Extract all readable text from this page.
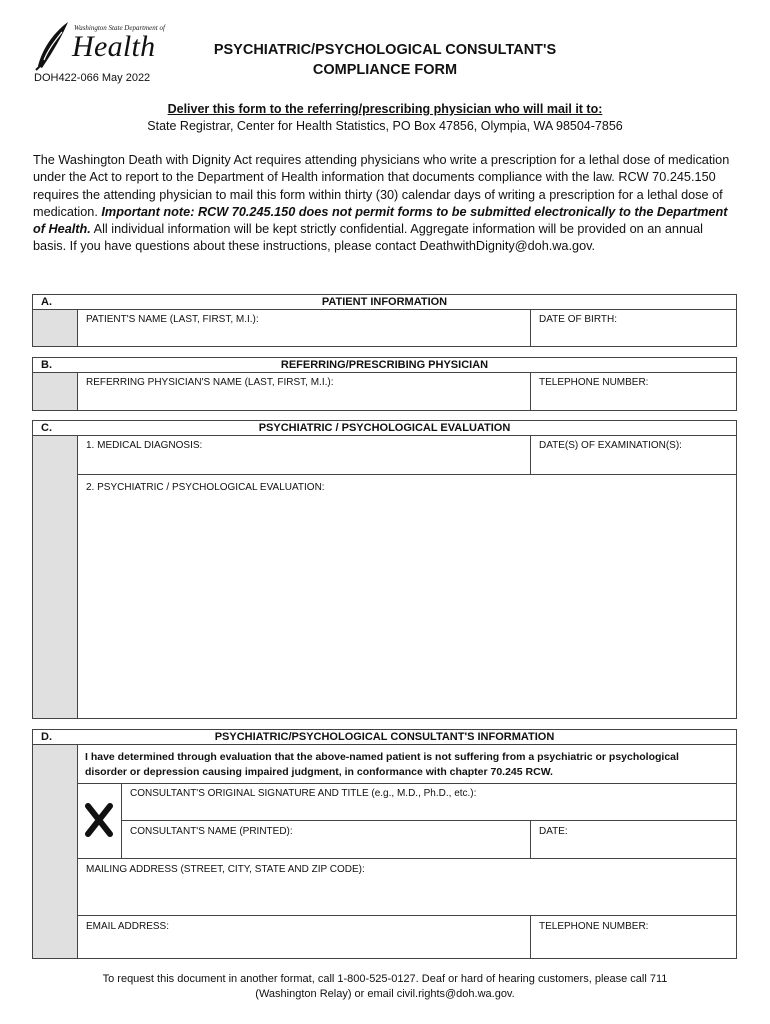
Washington State Department of
Health
DOH422-066 May 2022
PSYCHIATRIC/PSYCHOLOGICAL CONSULTANT'S
COMPLIANCE FORM
Deliver this form to the referring/prescribing physician who will mail it to:
State Registrar, Center for Health Statistics, PO Box 47856, Olympia, WA 98504-7856
The Washington Death with Dignity Act requires attending physicians who write a prescription for a lethal dose of medication under the Act to report to the Department of Health information that documents compliance with the law. RCW 70.245.150 requires the attending physician to mail this form within thirty (30) calendar days of writing a prescription for a lethal dose of medication. Important note: RCW 70.245.150 does not permit forms to be submitted electronically to the Department of Health. All individual information will be kept strictly confidential. Aggregate information will be provided on an annual basis. If you have questions about these instructions, please contact DeathwithDignity@doh.wa.gov.
PATIENT INFORMATION
A.
PATIENT'S NAME (LAST, FIRST, M.I.):	DATE OF BIRTH:
REFERRING/PRESCRIBING PHYSICIAN
B.
REFERRING PHYSICIAN'S NAME (LAST, FIRST, M.I.):	TELEPHONE NUMBER:
PSYCHIATRIC / PSYCHOLOGICAL EVALUATION
C.
1. MEDICAL DIAGNOSIS:	DATE(S) OF EXAMINATION(S):
2. PSYCHIATRIC / PSYCHOLOGICAL EVALUATION:
PSYCHIATRIC/PSYCHOLOGICAL CONSULTANT'S INFORMATION
D.
I have determined through evaluation that the above-named patient is not suffering from a psychiatric or psychological
disorder or depression causing impaired judgment, in conformance with chapter 70.245 RCW.
CONSULTANT'S ORIGINAL SIGNATURE AND TITLE (e.g., M.D., Ph.D., etc.):
CONSULTANT'S NAME (PRINTED):	DATE:
MAILING ADDRESS (STREET, CITY, STATE AND ZIP CODE):
EMAIL ADDRESS:	TELEPHONE NUMBER:
To request this document in another format, call 1-800-525-0127. Deaf or hard of hearing customers, please call 711
(Washington Relay) or email civil.rights@doh.wa.gov.
